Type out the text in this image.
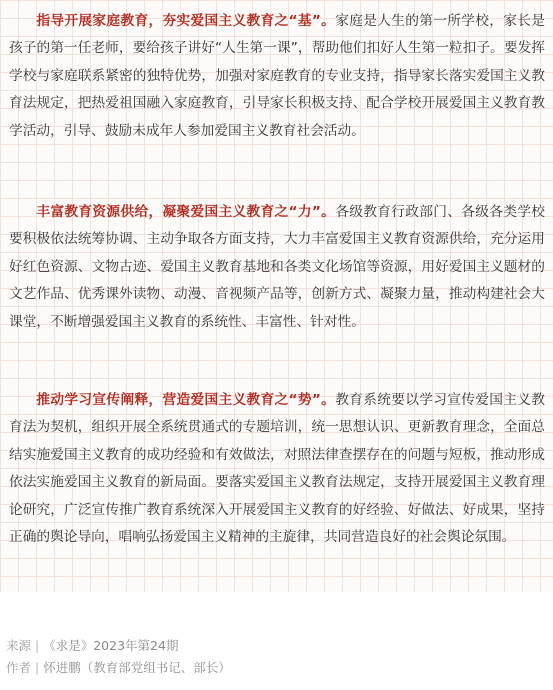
指导开展家庭教育，夯实爱国主义教育之“基”。家庭是人生的第一所学校，家长是孩子的第一任老师，要给孩子讲好“人生第一课”，帮助他们扣好人生第一粒扣子。要发挥学校与家庭联系紧密的独特优势，加强对家庭教育的专业支持，指导家长落实爱国主义教育法规定，把热爱祖国融入家庭教育，引导家长积极支持、配合学校开展爱国主义教育教学活动，引导、鼓励未成年人参加爱国主义教育社会活动。

丰富教育资源供给，凝聚爱国主义教育之“力”。各级教育行政部门、各级各类学校要积极依法统筹协调、主动争取各方面支持，大力丰富爱国主义教育资源供给，充分运用好红色资源、文物古迹、爱国主义教育基地和各类文化场馆等资源，用好爱国主义题材的文艺作品、优秀课外读物、动漫、音视频产品等，创新方式、凝聚力量，推动构建社会大课堂，不断增强爱国主义教育的系统性、丰富性、针对性。

推动学习宣传阐释，营造爱国主义教育之“势”。教育系统要以学习宣传爱国主义教育法为契机，组织开展全系统贯通式的专题培训，统一思想认识、更新教育理念，全面总结实施爱国主义教育的成功经验和有效做法，对照法律查摆存在的问题与短板，推动形成依法实施爱国主义教育的新局面。要落实爱国主义教育法规定，支持开展爱国主义教育理论研究，广泛宣传推广教育系统深入开展爱国主义教育的好经验、好做法、好成果，坚持正确的舆论导向，唱响弘扬爱国主义精神的主旋律，共同营造良好的社会舆论氛围。

来源 | 《求是》2023年第24期
作者 | 怀进鹏（教育部党组书记、部长）
